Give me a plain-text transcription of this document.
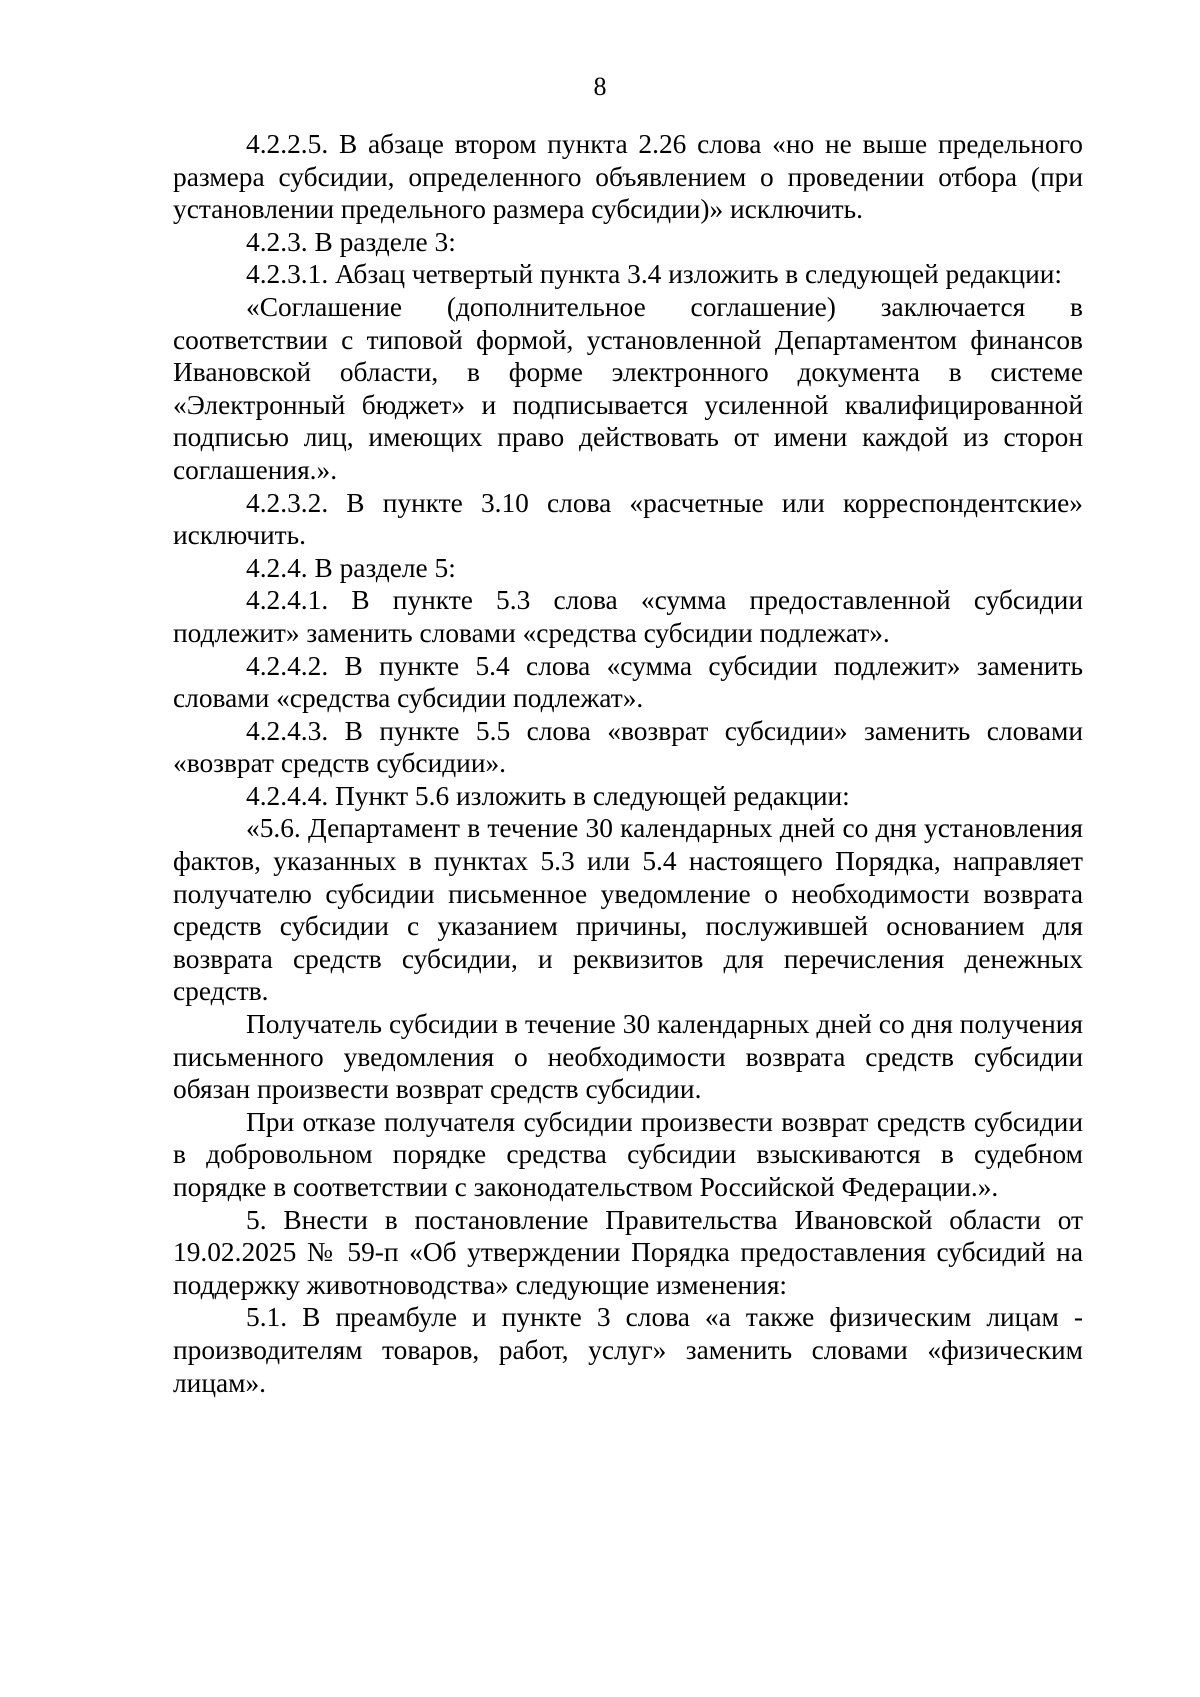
8

4.2.2.5. В абзаце втором пункта 2.26 слова «но не выше предельного размера субсидии, определенного объявлением о проведении отбора (при установлении предельного размера субсидии)» исключить.

4.2.3. В разделе 3:

4.2.3.1. Абзац четвертый пункта 3.4 изложить в следующей редакции:

«Соглашение (дополнительное соглашение) заключается в соответствии с типовой формой, установленной Департаментом финансов Ивановской области, в форме электронного документа в системе «Электронный бюджет» и подписывается усиленной квалифицированной подписью лиц, имеющих право действовать от имени каждой из сторон соглашения.».

4.2.3.2. В пункте 3.10 слова «расчетные или корреспондентские» исключить.

4.2.4. В разделе 5:

4.2.4.1. В пункте 5.3 слова «сумма предоставленной субсидии подлежит» заменить словами «средства субсидии подлежат».

4.2.4.2. В пункте 5.4 слова «сумма субсидии подлежит» заменить словами «средства субсидии подлежат».

4.2.4.3. В пункте 5.5 слова «возврат субсидии» заменить словами «возврат средств субсидии».

4.2.4.4. Пункт 5.6 изложить в следующей редакции:

«5.6. Департамент в течение 30 календарных дней со дня установления фактов, указанных в пунктах 5.3 или 5.4 настоящего Порядка, направляет получателю субсидии письменное уведомление о необходимости возврата средств субсидии с указанием причины, послужившей основанием для возврата средств субсидии, и реквизитов для перечисления денежных средств.

Получатель субсидии в течение 30 календарных дней со дня получения письменного уведомления о необходимости возврата средств субсидии обязан произвести возврат средств субсидии.

При отказе получателя субсидии произвести возврат средств субсидии в добровольном порядке средства субсидии взыскиваются в судебном порядке в соответствии с законодательством Российской Федерации.».

5. Внести в постановление Правительства Ивановской области от 19.02.2025 № 59-п «Об утверждении Порядка предоставления субсидий на поддержку животноводства» следующие изменения:

5.1. В преамбуле и пункте 3 слова «а также физическим лицам - производителям товаров, работ, услуг» заменить словами «физическим лицам».
